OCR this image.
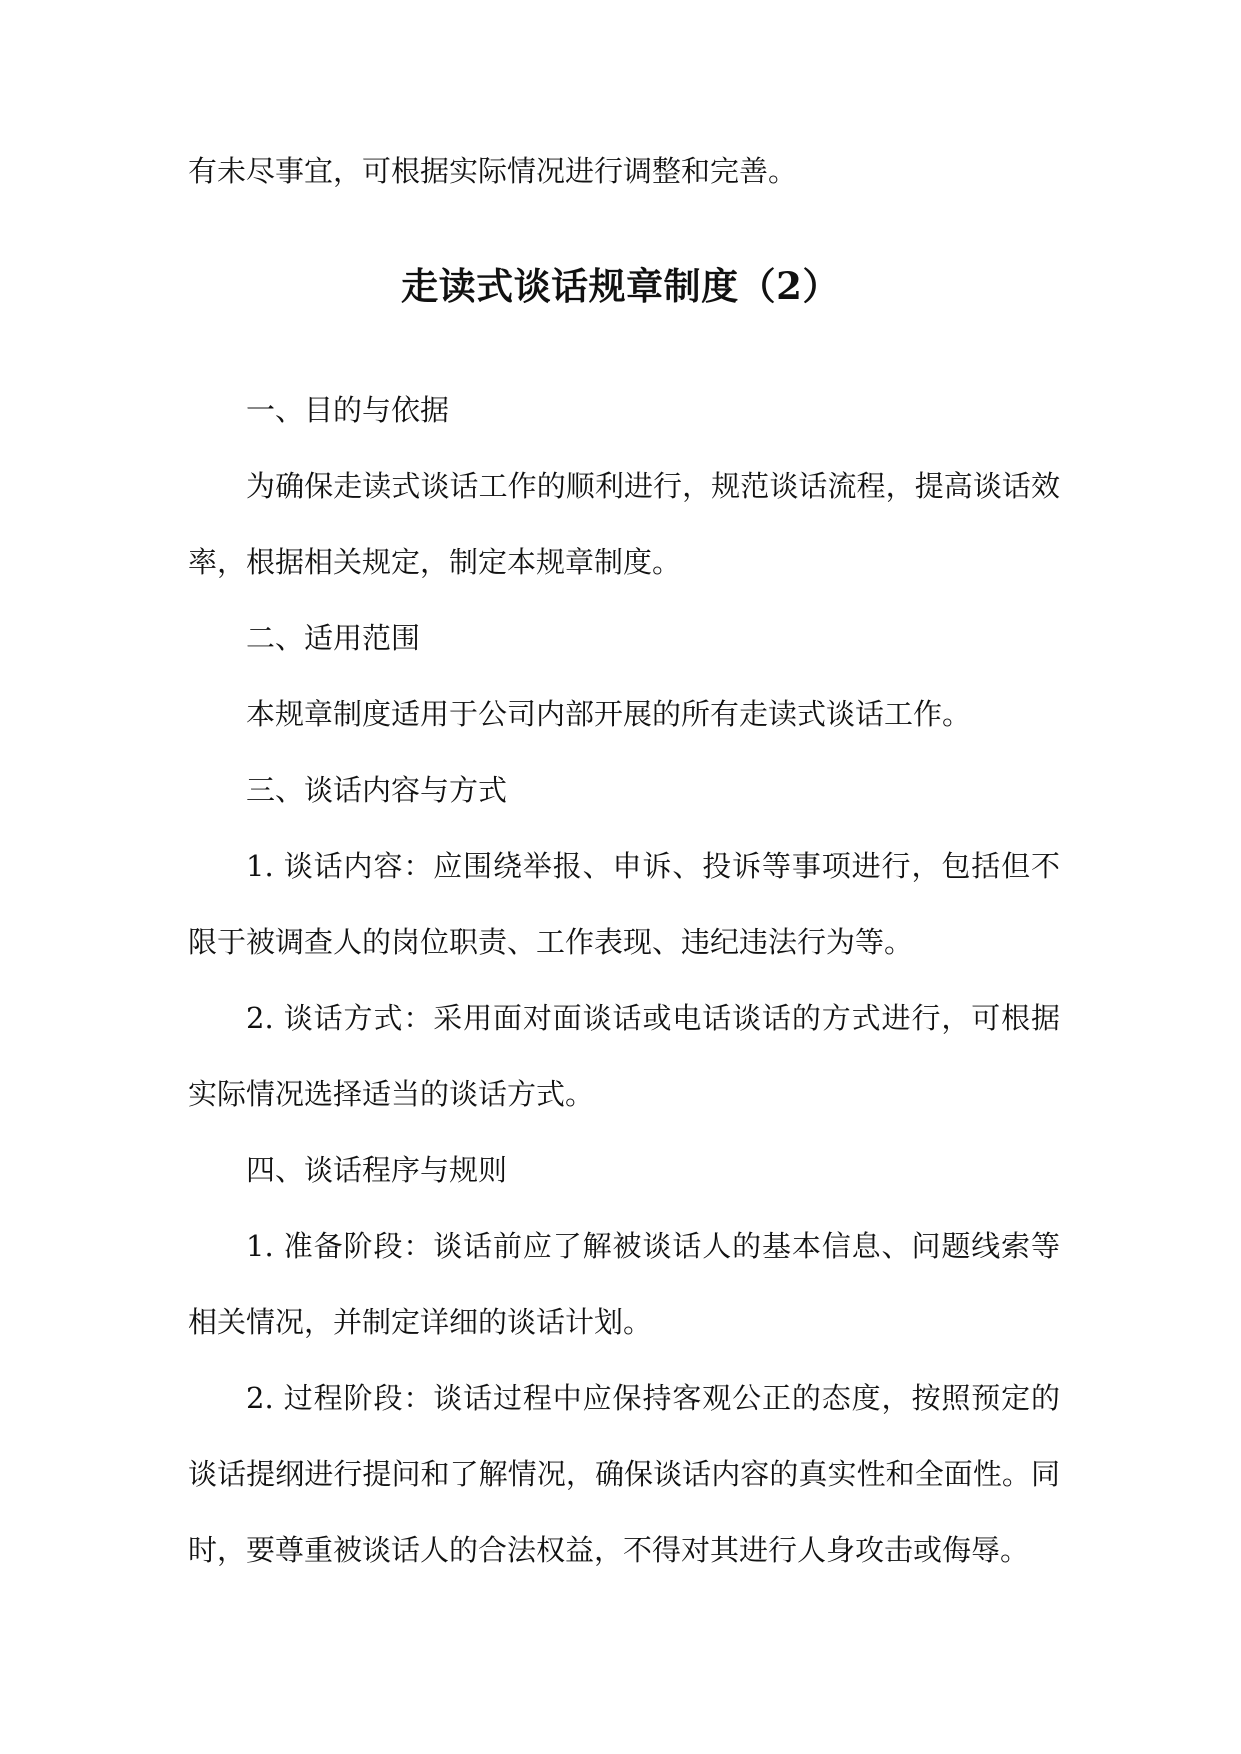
有未尽事宜，可根据实际情况进行调整和完善。
走读式谈话规章制度（2）
一、目的与依据
为确保走读式谈话工作的顺利进行，规范谈话流程，提高谈话效
率，根据相关规定，制定本规章制度。
二、适用范围
本规章制度适用于公司内部开展的所有走读式谈话工作。
三、谈话内容与方式
1. 谈话内容：应围绕举报、申诉、投诉等事项进行，包括但不
限于被调查人的岗位职责、工作表现、违纪违法行为等。
2. 谈话方式：采用面对面谈话或电话谈话的方式进行，可根据
实际情况选择适当的谈话方式。
四、谈话程序与规则
1. 准备阶段：谈话前应了解被谈话人的基本信息、问题线索等
相关情况，并制定详细的谈话计划。
2. 过程阶段：谈话过程中应保持客观公正的态度，按照预定的
谈话提纲进行提问和了解情况，确保谈话内容的真实性和全面性。同
时，要尊重被谈话人的合法权益，不得对其进行人身攻击或侮辱。
